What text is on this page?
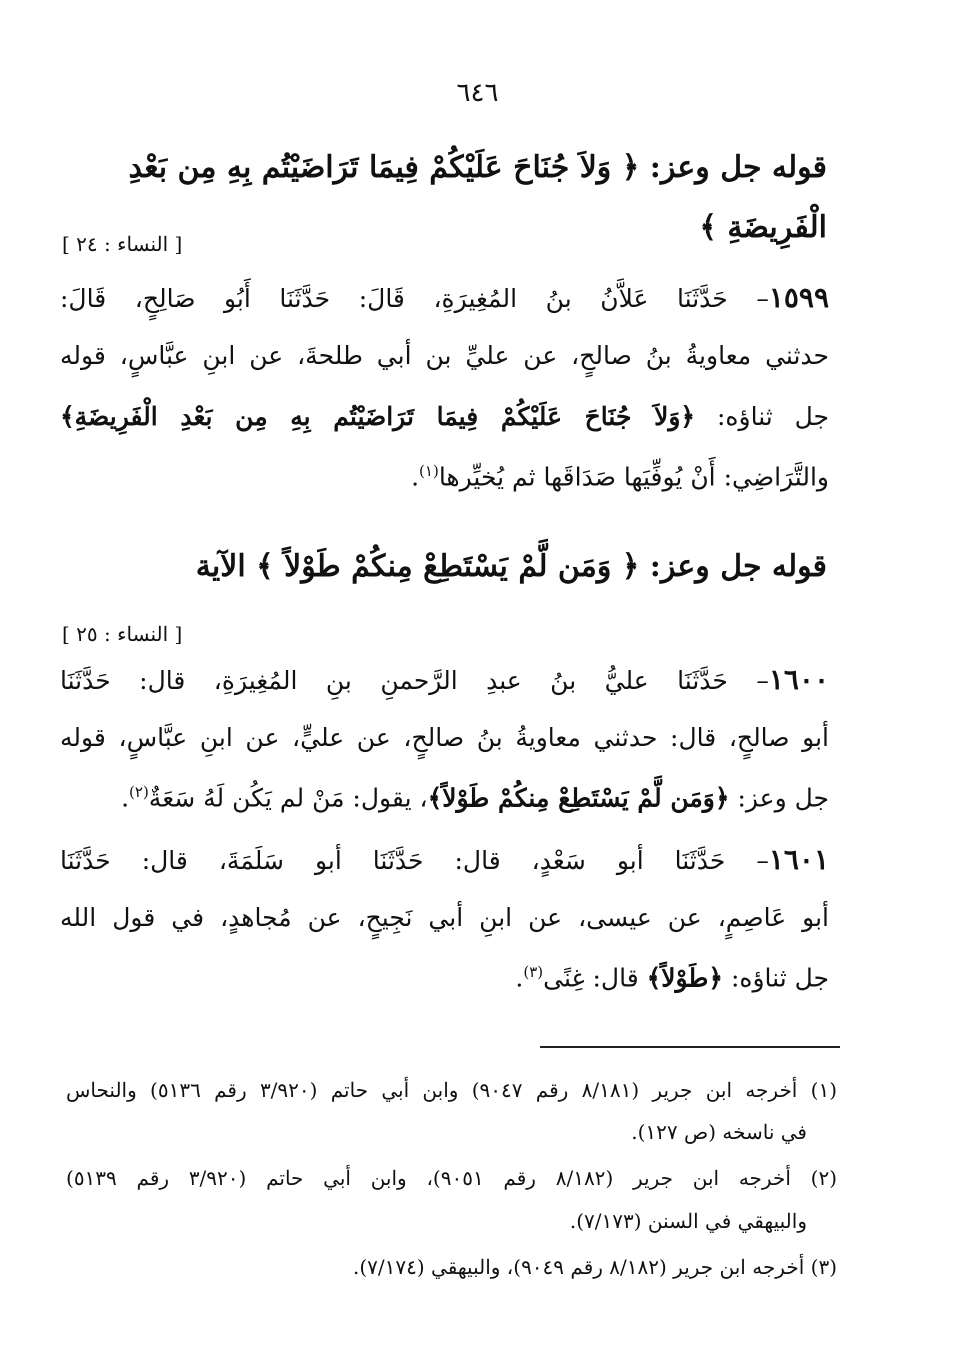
٦٤٦
قوله جل وعز: ﴿ وَلاَ جُنَاحَ عَلَيْكُمْ فِيمَا تَرَاضَيْتُم بِهِ مِن بَعْدِ
الْفَرِيضَةِ ﴾
[ النساء : ٢٤ ]
١٥٩٩– حَدَّثَنَا عَلاَّنُ بنُ المُغِيرَةِ، قَالَ: حَدَّثَنَا أَبُو صَالِحٍ، قَالَ:
حدثني معاويةُ بنُ صالحٍ، عن عليِّ بن أبي طلحةَ، عن ابنِ عبَّاسٍ، قوله
جل ثناؤه: ﴿وَلاَ جُنَاحَ عَلَيْكُمْ فِيمَا تَرَاضَيْتُم بِهِ مِن بَعْدِ الْفَرِيضَةِ﴾
والتَّرَاضِي: أَنْ يُوفِّيَها صَدَاقَها ثم يُخيِّرها$^{(١)}$.
قوله جل وعز: ﴿ وَمَن لَّمْ يَسْتَطِعْ مِنكُمْ طَوْلاً ﴾ الآية
[ النساء : ٢٥ ]
١٦٠٠– حَدَّثَنَا عليُّ بنُ عبدِ الرَّحمنِ بنِ المُغِيرَةِ، قال: حَدَّثَنَا
أبو صالحٍ، قال: حدثني معاويةُ بنُ صالحٍ، عن عليٍّ، عن ابنِ عبَّاسٍ، قوله
جل وعز: ﴿وَمَن لَّمْ يَسْتَطِعْ مِنكُمْ طَوْلاً﴾، يقول: مَنْ لم يَكُن لَهُ سَعَةٌ$^{(٢)}$.
١٦٠١– حَدَّثَنَا أبو سَعْدٍ، قال: حَدَّثَنَا أبو سَلَمَةَ، قال: حَدَّثَنَا
أبو عَاصِمٍ، عن عيسى، عن ابنِ أبي نَجِيحٍ، عن مُجاهدٍ، في قول الله
جل ثناؤه: ﴿طَوْلاً﴾ قال: غِنًى$^{(٣)}$.
(١) أخرجه ابن جرير (٨/١٨١ رقم ٩٠٤٧) وابن أبي حاتم (٣/٩٢٠ رقم ٥١٣٦) والنحاس
في ناسخه (ص ١٢٧).
(٢) أخرجه ابن جرير (٨/١٨٢ رقم ٩٠٥١)، وابن أبي حاتم (٣/٩٢٠ رقم ٥١٣٩)
والبيهقي في السنن (٧/١٧٣).
(٣) أخرجه ابن جرير (٨/١٨٢ رقم ٩٠٤٩)، والبيهقي (٧/١٧٤).
